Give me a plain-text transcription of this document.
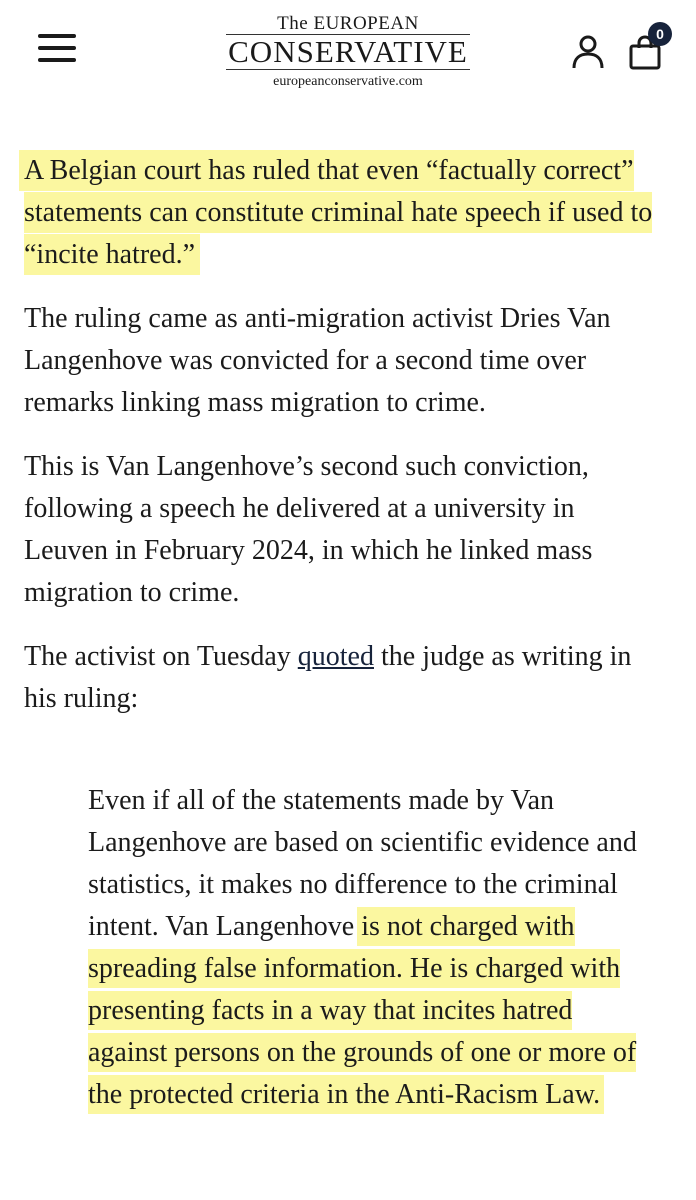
The EUROPEAN
CONSERVATIVE
europeanconservative.com
0

A Belgian court has ruled that even “factually correct” statements can constitute criminal hate speech if used to “incite hatred.”

The ruling came as anti-migration activist Dries Van Langenhove was convicted for a second time over remarks linking mass migration to crime.

This is Van Langenhove’s second such conviction, following a speech he delivered at a university in Leuven in February 2024, in which he linked mass migration to crime.

The activist on Tuesday quoted the judge as writing in his ruling:

Even if all of the statements made by Van Langenhove are based on scientific evidence and statistics, it makes no difference to the criminal intent. Van Langenhove is not charged with spreading false information. He is charged with presenting facts in a way that incites hatred against persons on the grounds of one or more of the protected criteria in the Anti-Racism Law.
